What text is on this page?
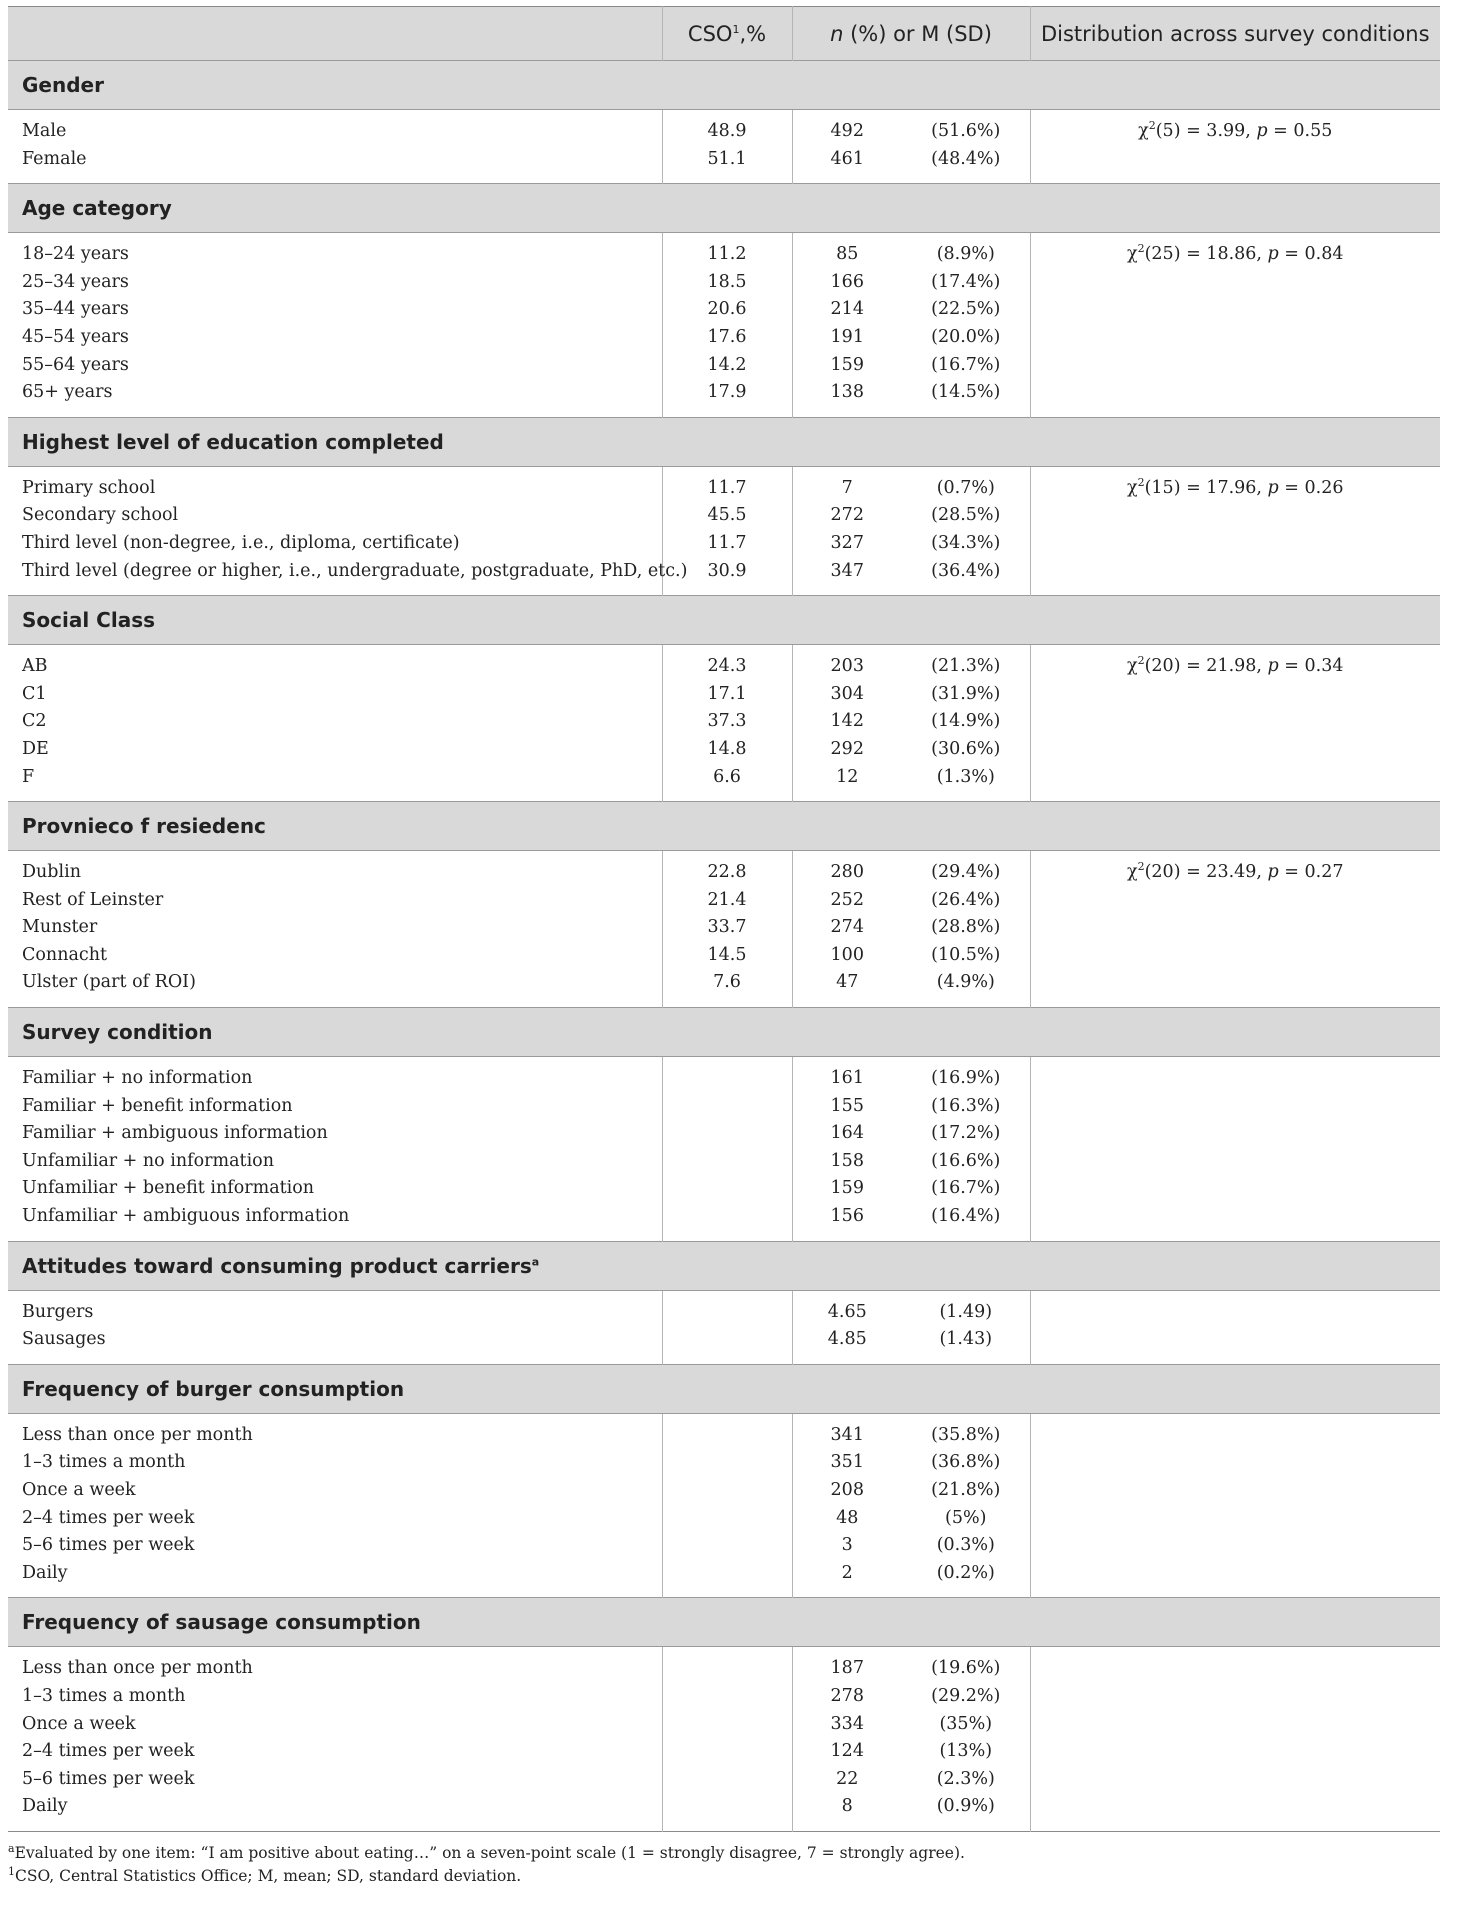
	CSO$^1$,%	n (%) or M (SD)		Distribution across survey conditions
Gender				
Male	48.9	492	(51.6%)	$\chi^2(5) = 3.99$, p = 0.55
Female	51.1	461	(48.4%)	
Age category				
18–24 years	11.2	85	(8.9%)	$\chi^2(25) = 18.86$, p = 0.84
25–34 years	18.5	166	(17.4%)	
35–44 years	20.6	214	(22.5%)	
45–54 years	17.6	191	(20.0%)	
55–64 years	14.2	159	(16.7%)	
65+ years	17.9	138	(14.5%)	
Highest level of education completed				
Primary school	11.7	7	(0.7%)	$\chi^2(15) = 17.96$, p = 0.26
Secondary school	45.5	272	(28.5%)	
Third level (non-degree, i.e., diploma, certificate)	11.7	327	(34.3%)	
Third level (degree or higher, i.e., undergraduate, postgraduate, PhD, etc.)	30.9	347	(36.4%)	
Social Class				
AB	24.3	203	(21.3%)	$\chi^2(20) = 21.98$, p = 0.34
C1	17.1	304	(31.9%)	
C2	37.3	142	(14.9%)	
DE	14.8	292	(30.6%)	
F	6.6	12	(1.3%)	
Provnieco f resiedenc				
Dublin	22.8	280	(29.4%)	$\chi^2(20) = 23.49$, p = 0.27
Rest of Leinster	21.4	252	(26.4%)	
Munster	33.7	274	(28.8%)	
Connacht	14.5	100	(10.5%)	
Ulster (part of ROI)	7.6	47	(4.9%)	
Survey condition				
Familiar + no information		161	(16.9%)	
Familiar + benefit information		155	(16.3%)	
Familiar + ambiguous information		164	(17.2%)	
Unfamiliar + no information		158	(16.6%)	
Unfamiliar + benefit information		159	(16.7%)	
Unfamiliar + ambiguous information		156	(16.4%)	
Attitudes toward consuming product carriers$^a$
Burgers		4.65	(1.49)	
Sausages		4.85	(1.43)	
Frequency of burger consumption				
Less than once per month		341	(35.8%)	
1–3 times a month		351	(36.8%)	
Once a week		208	(21.8%)	
2–4 times per week		48	(5%)	
5–6 times per week		3	(0.3%)	
Daily		2	(0.2%)	
Frequency of sausage consumption				
Less than once per month		187	(19.6%)	
1–3 times a month		278	(29.2%)	
Once a week		334	(35%)	
2–4 times per week		124	(13%)	
5–6 times per week		22	(2.3%)	
Daily		8	(0.9%)	
$^a$Evaluated by one item: “I am positive about eating…” on a seven-point scale (1 = strongly disagree, 7 = strongly agree).
$^1$CSO, Central Statistics Office; M, mean; SD, standard deviation.
